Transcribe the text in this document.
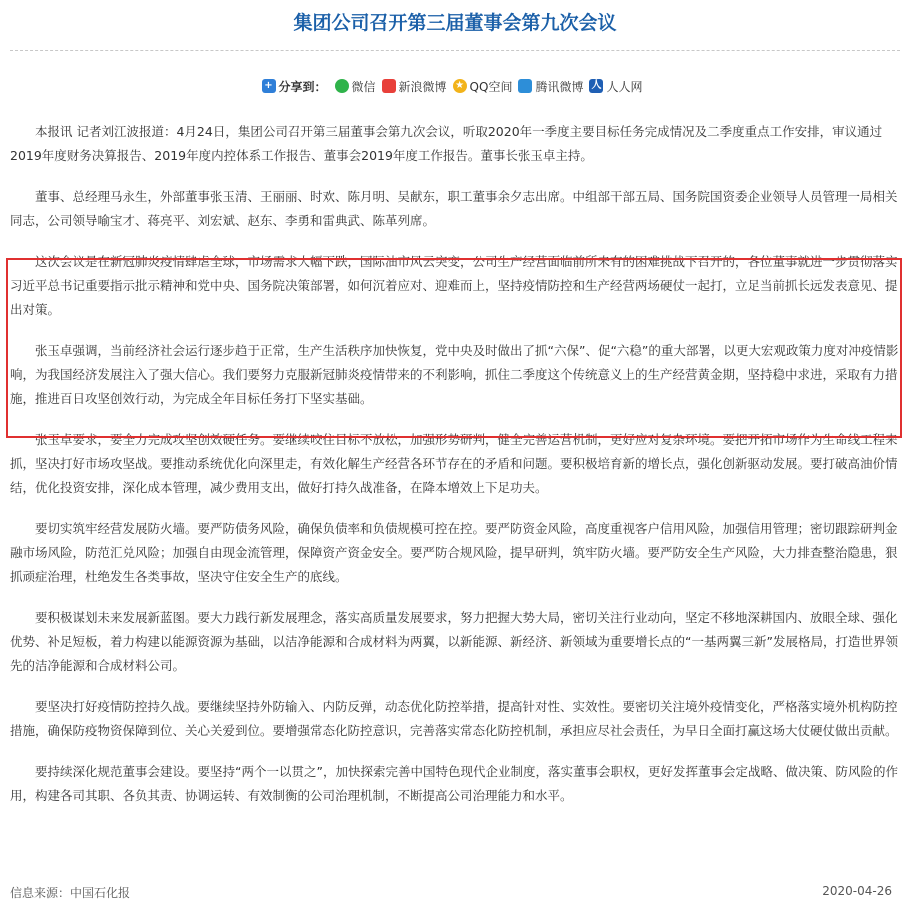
集团公司召开第三届董事会第九次会议
+ 分享到： 微信 新浪微博 ★ QQ空间 腾讯微博 人 人人网

本报讯 记者刘江波报道：4月24日，集团公司召开第三届董事会第九次会议，听取2020年一季度主要目标任务完成情况及二季度重点工作安排，审议通过2019年度财务决算报告、2019年度内控体系工作报告、董事会2019年度工作报告。董事长张玉卓主持。

董事、总经理马永生，外部董事张玉清、王丽丽、时欢、陈月明、吴献东，职工董事余夕志出席。中组部干部五局、国务院国资委企业领导人员管理一局相关同志，公司领导喻宝才、蒋亮平、刘宏斌、赵东、李勇和雷典武、陈革列席。

这次会议是在新冠肺炎疫情肆虐全球，市场需求大幅下跌，国际油市风云突变，公司生产经营面临前所未有的困难挑战下召开的，各位董事就进一步贯彻落实习近平总书记重要指示批示精神和党中央、国务院决策部署，如何沉着应对、迎难而上，坚持疫情防控和生产经营两场硬仗一起打，立足当前抓长远发表意见、提出对策。

张玉卓强调，当前经济社会运行逐步趋于正常，生产生活秩序加快恢复，党中央及时做出了抓“六保”、促“六稳”的重大部署，以更大宏观政策力度对冲疫情影响，为我国经济发展注入了强大信心。我们要努力克服新冠肺炎疫情带来的不利影响，抓住二季度这个传统意义上的生产经营黄金期，坚持稳中求进，采取有力措施，推进百日攻坚创效行动，为完成全年目标任务打下坚实基础。

张玉卓要求，要全力完成攻坚创效硬任务。要继续咬住目标不放松，加强形势研判，健全完善运营机制，更好应对复杂环境。要把开拓市场作为生命线工程来抓，坚决打好市场攻坚战。要推动系统优化向深里走，有效化解生产经营各环节存在的矛盾和问题。要积极培育新的增长点，强化创新驱动发展。要打破高油价情结，优化投资安排，深化成本管理，减少费用支出，做好打持久战准备，在降本增效上下足功夫。

要切实筑牢经营发展防火墙。要严防债务风险，确保负债率和负债规模可控在控。要严防资金风险，高度重视客户信用风险，加强信用管理；密切跟踪研判金融市场风险，防范汇兑风险；加强自由现金流管理，保障资产资金安全。要严防合规风险，提早研判，筑牢防火墙。要严防安全生产风险，大力排查整治隐患，狠抓顽症治理，杜绝发生各类事故，坚决守住安全生产的底线。

要积极谋划未来发展新蓝图。要大力践行新发展理念，落实高质量发展要求，努力把握大势大局，密切关注行业动向，坚定不移地深耕国内、放眼全球、强化优势、补足短板，着力构建以能源资源为基础，以洁净能源和合成材料为两翼，以新能源、新经济、新领域为重要增长点的“一基两翼三新”发展格局，打造世界领先的洁净能源和合成材料公司。

要坚决打好疫情防控持久战。要继续坚持外防输入、内防反弹，动态优化防控举措，提高针对性、实效性。要密切关注境外疫情变化，严格落实境外机构防控措施，确保防疫物资保障到位、关心关爱到位。要增强常态化防控意识，完善落实常态化防控机制，承担应尽社会责任，为早日全面打赢这场大仗硬仗做出贡献。

要持续深化规范董事会建设。要坚持“两个一以贯之”，加快探索完善中国特色现代企业制度，落实董事会职权，更好发挥董事会定战略、做决策、防风险的作用，构建各司其职、各负其责、协调运转、有效制衡的公司治理机制，不断提高公司治理能力和水平。

信息来源：中国石化报	2020-04-26
